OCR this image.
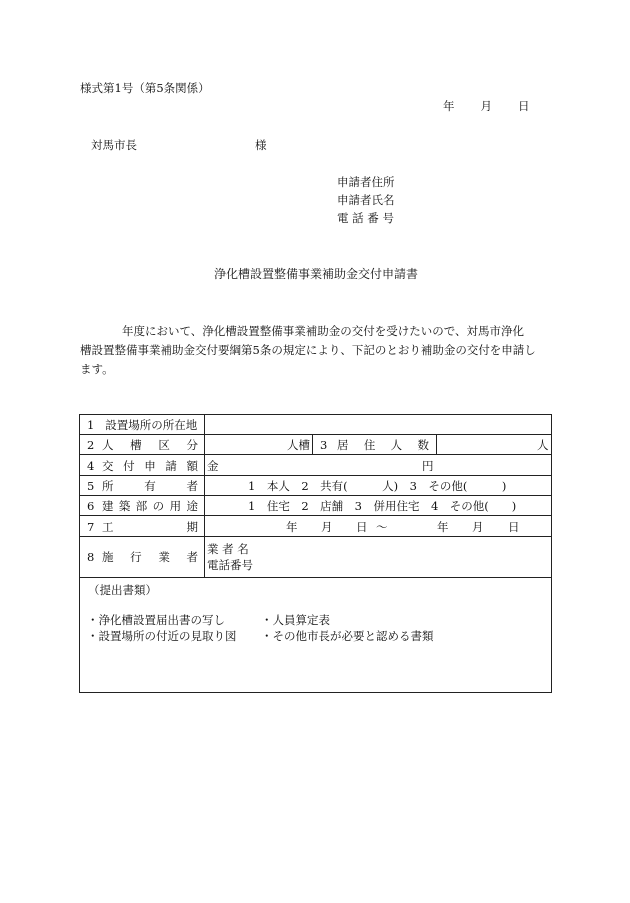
様式第1号（第5条関係）
年 月 日
対馬市長	様
申請者住所
申請者氏名
電 話 番 号
浄化槽設置整備事業補助金交付申請書

年度において、浄化槽設置整備事業補助金の交付を受けたいので、対馬市浄化

槽設置整備事業補助金交付要綱第5条の規定により、下記のとおり補助金の交付を申請し

ます。

1 設置場所の所在地
2 人 槽 区 分	人槽 3 居 住 人 数	人
4 交 付 申 請 額 金	円
5 所	有	者	1　本人　2　共有(　　　人)　3　その他(　　　)
6 建 築 部 の 用 途	1　住宅　2　店舗　3　併用住宅　4　その他(　　)
7 工	期	年 月 日 ～	年 月 日
8 施 行 業 者
業 者 名
電話番号
（提出書類）
・浄化槽設置届出書の写し	・人員算定表
・設置場所の付近の見取り図 ・その他市長が必要と認める書類
